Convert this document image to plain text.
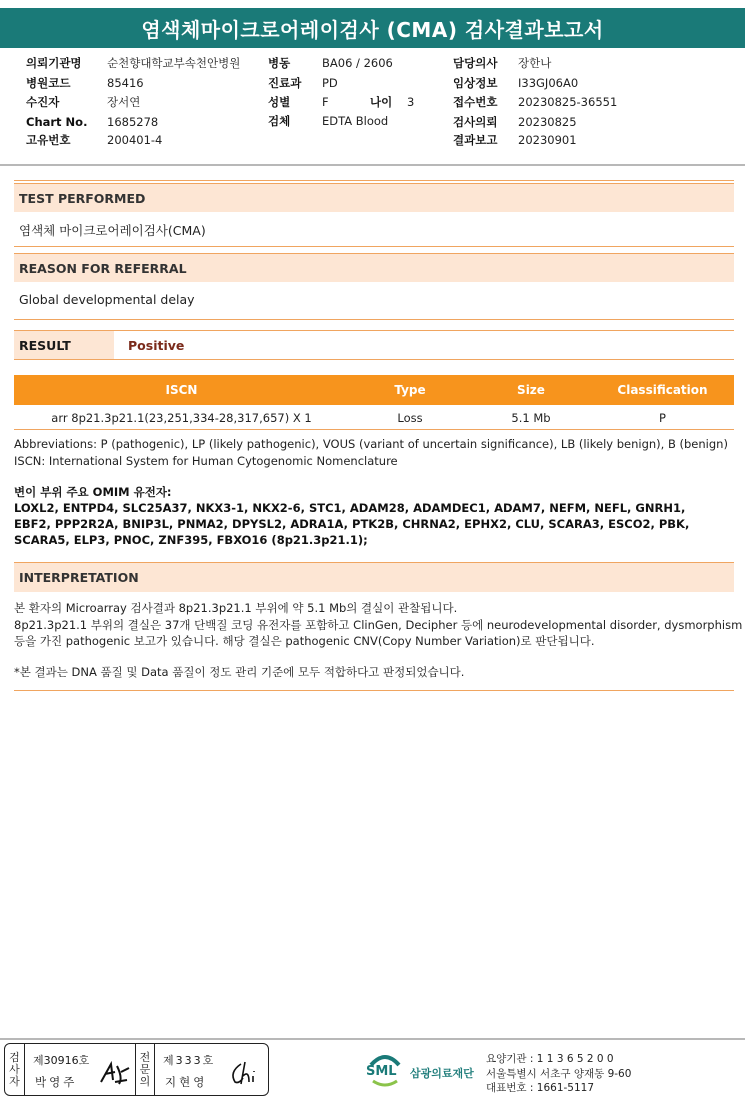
염색체마이크로어레이검사 (CMA) 검사결과보고서
의뢰기관명 순천향대학교부속천안병원
병원코드	85416
수진자	장서연
Chart No. 1685278
고유번호	200401-4
병동	BA06 / 2606
진료과 PD
성별	F	나이 3
검체	EDTA Blood
담당의사 장한나
임상정보 I33GJ06A0
접수번호 20230825-36551
검사의뢰 20230825
결과보고 20230901
TEST PERFORMED
염색체 마이크로어레이검사(CMA)
REASON FOR REFERRAL
Global developmental delay
RESULT	Positive
ISCN	Type	Size	Classification
arr 8p21.3p21.1(23,251,334-28,317,657) X 1	Loss	5.1 Mb	P
Abbreviations: P (pathogenic), LP (likely pathogenic), VOUS (variant of uncertain significance), LB (likely benign), B (benign)
ISCN: International System for Human Cytogenomic Nomenclature
변이 부위 주요 OMIM 유전자:
LOXL2, ENTPD4, SLC25A37, NKX3-1, NKX2-6, STC1, ADAM28, ADAMDEC1, ADAM7, NEFM, NEFL, GNRH1, EBF2, PPP2R2A, BNIP3L, PNMA2, DPYSL2, ADRA1A, PTK2B, CHRNA2, EPHX2, CLU, SCARA3, ESCO2, PBK, SCARA5, ELP3, PNOC, ZNF395, FBXO16 (8p21.3p21.1);
INTERPRETATION
본 환자의 Microarray 검사결과 8p21.3p21.1 부위에 약 5.1 Mb의 결실이 관찰됩니다.
8p21.3p21.1 부위의 결실은 37개 단백질 코딩 유전자를 포함하고 ClinGen, Decipher 등에 neurodevelopmental disorder, dysmorphism
등을 가진 pathogenic 보고가 있습니다. 해당 결실은 pathogenic CNV(Copy Number Variation)로 판단됩니다.
*본 결과는 DNA 품질 및 Data 품질이 정도 관리 기준에 모두 적합하다고 판정되었습니다.
검
사
자
제30916호
박영주
전
문
의
제333호
지현영
SML 삼광의료재단
요양기관 : 1 1 3 6 5 2 0 0
서울특별시 서초구 양재동 9-60
대표번호 : 1661-5117
